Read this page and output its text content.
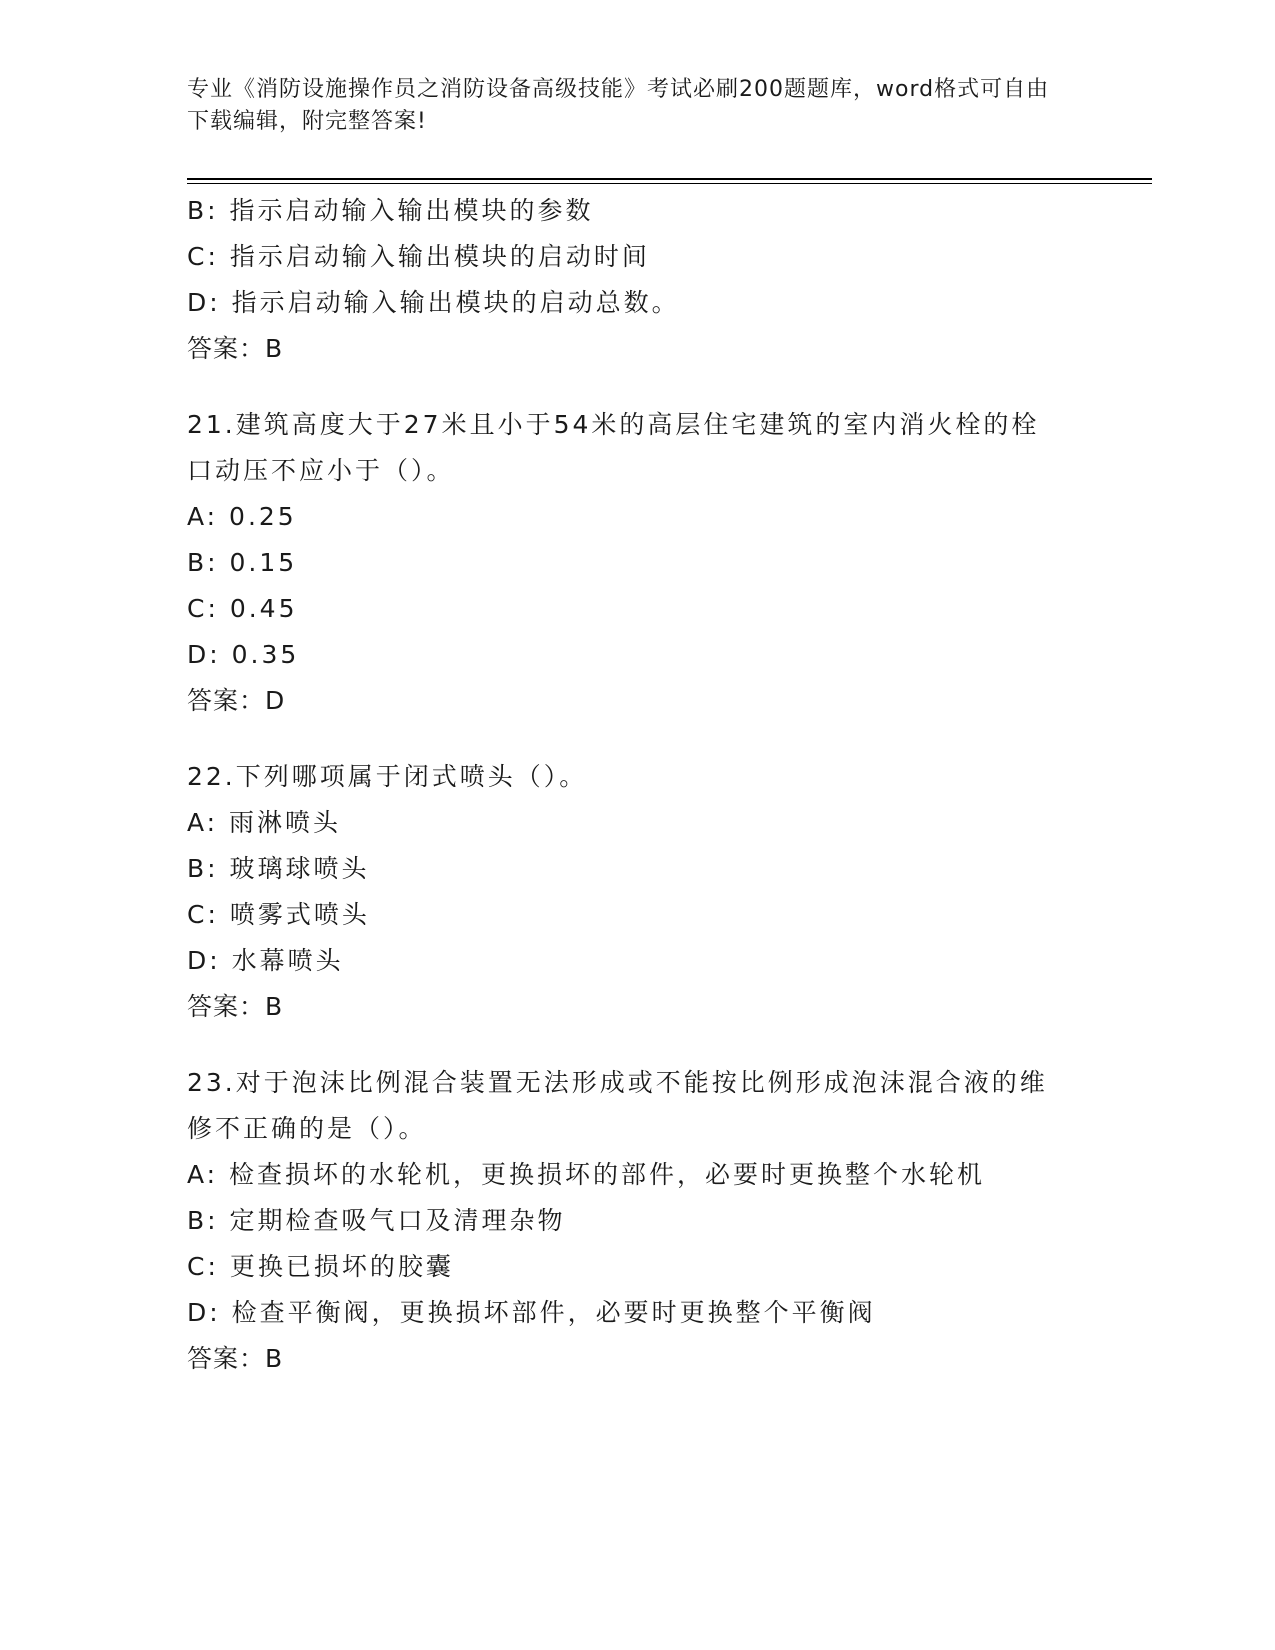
专业《消防设施操作员之消防设备高级技能》考试必刷200题题库，word格式可自由下载编辑，附完整答案!
B: 指示启动输入输出模块的参数
C: 指示启动输入输出模块的启动时间
D: 指示启动输入输出模块的启动总数。
答案：B
21.建筑高度大于27米且小于54米的高层住宅建筑的室内消火栓的栓口动压不应小于（）。
A: 0.25
B: 0.15
C: 0.45
D: 0.35
答案：D
22.下列哪项属于闭式喷头（）。
A: 雨淋喷头
B: 玻璃球喷头
C: 喷雾式喷头
D: 水幕喷头
答案：B
23.对于泡沫比例混合装置无法形成或不能按比例形成泡沫混合液的维修不正确的是（）。
A: 检查损坏的水轮机，更换损坏的部件，必要时更换整个水轮机
B: 定期检查吸气口及清理杂物
C: 更换已损坏的胶囊
D: 检查平衡阀，更换损坏部件，必要时更换整个平衡阀
答案：B
